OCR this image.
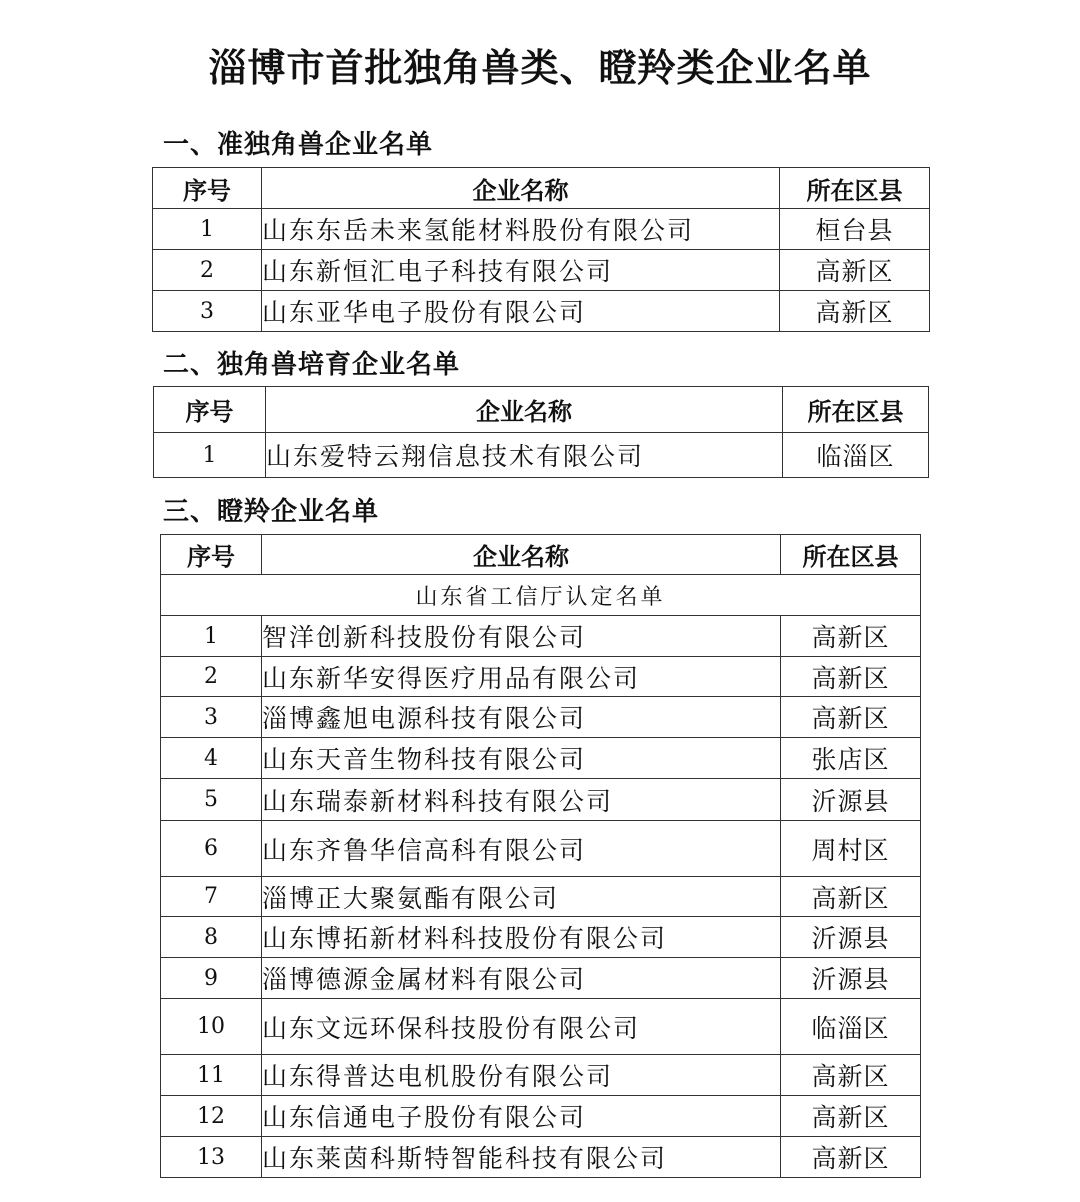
淄博市首批独角兽类、瞪羚类企业名单
一、准独角兽企业名单
序号	企业名称	所在区县
1	山东东岳未来氢能材料股份有限公司	桓台县
2	山东新恒汇电子科技有限公司	高新区
3	山东亚华电子股份有限公司	高新区
二、独角兽培育企业名单
序号	企业名称	所在区县
1	山东爱特云翔信息技术有限公司	临淄区
三、瞪羚企业名单
序号	企业名称	所在区县
山东省工信厅认定名单		
1	智洋创新科技股份有限公司	高新区
2	山东新华安得医疗用品有限公司	高新区
3	淄博鑫旭电源科技有限公司	高新区
4	山东天音生物科技有限公司	张店区
5	山东瑞泰新材料科技有限公司	沂源县
6	山东齐鲁华信高科有限公司	周村区
7	淄博正大聚氨酯有限公司	高新区
8	山东博拓新材料科技股份有限公司	沂源县
9	淄博德源金属材料有限公司	沂源县
10	山东文远环保科技股份有限公司	临淄区
11	山东得普达电机股份有限公司	高新区
12	山东信通电子股份有限公司	高新区
13	山东莱茵科斯特智能科技有限公司	高新区
